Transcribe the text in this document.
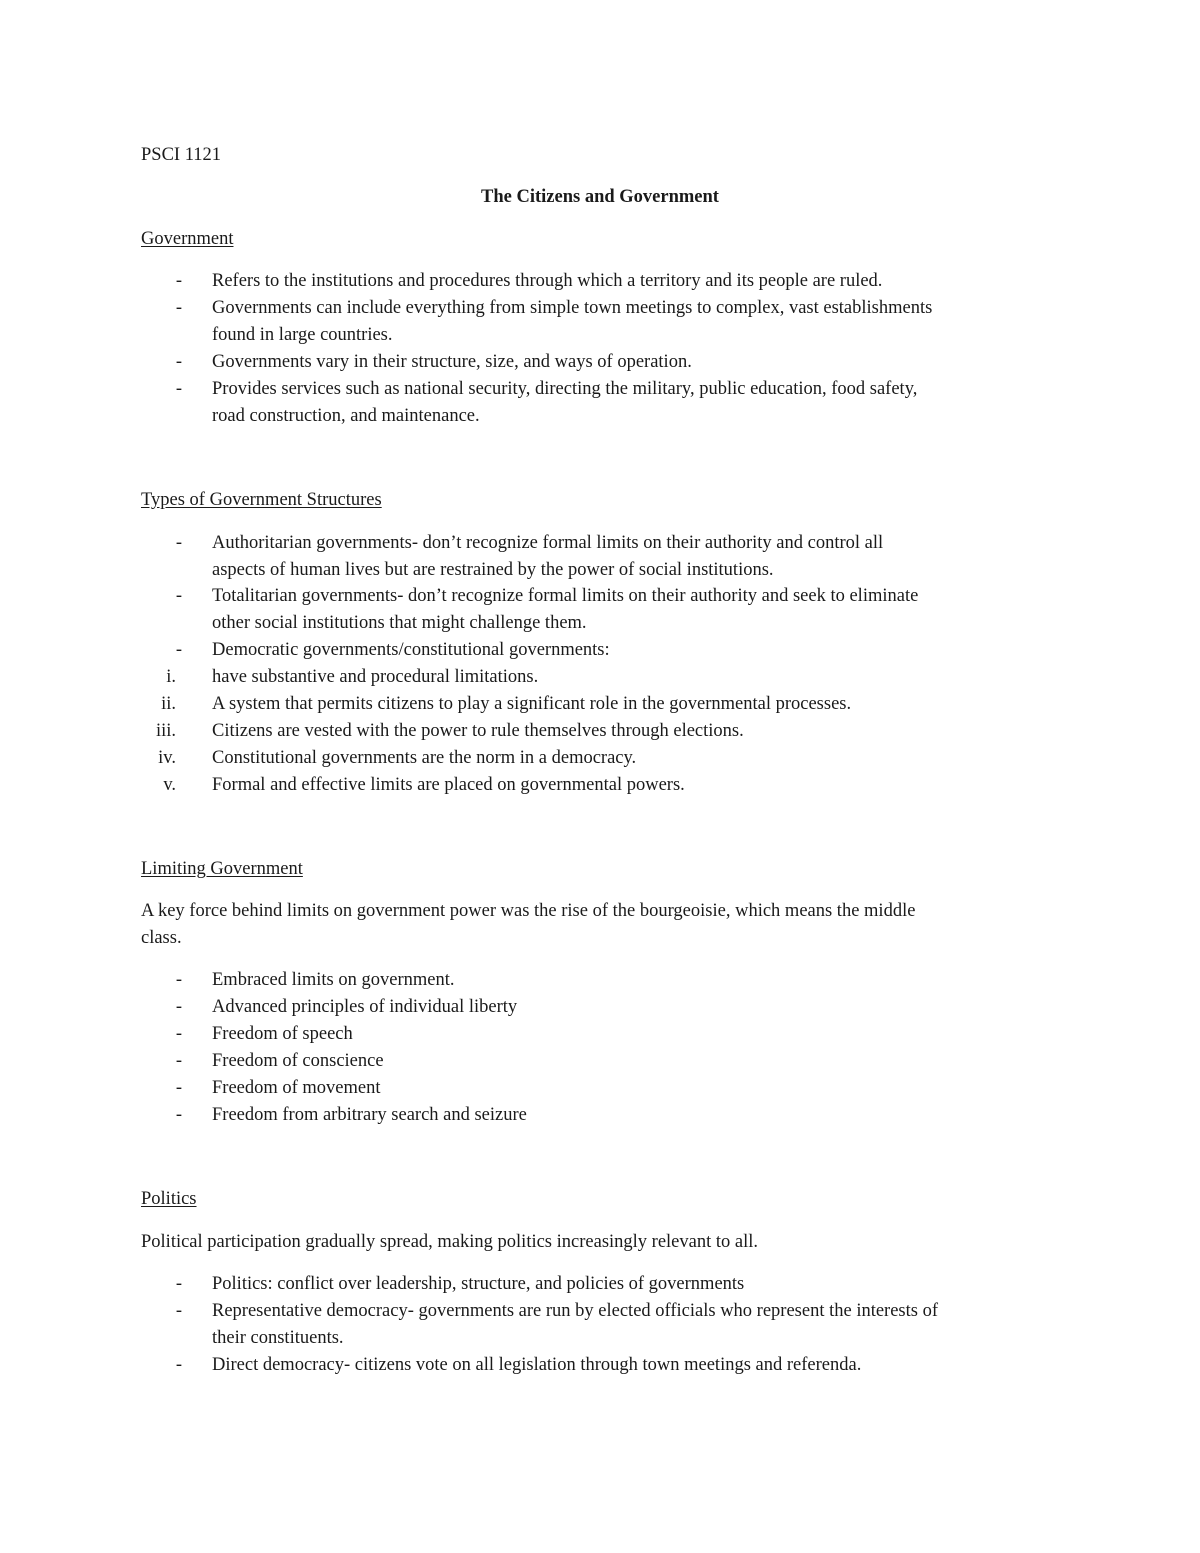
PSCI 1121
The Citizens and Government
Government
- Refers to the institutions and procedures through which a territory and its people are ruled.
- Governments can include everything from simple town meetings to complex, vast establishments
found in large countries.
- Governments vary in their structure, size, and ways of operation.
- Provides services such as national security, directing the military, public education, food safety,
road construction, and maintenance.
Types of Government Structures
- Authoritarian governments- don’t recognize formal limits on their authority and control all
aspects of human lives but are restrained by the power of social institutions.
- Totalitarian governments- don’t recognize formal limits on their authority and seek to eliminate
other social institutions that might challenge them.
- Democratic governments/constitutional governments:
i. have substantive and procedural limitations.
ii. A system that permits citizens to play a significant role in the governmental processes.
iii. Citizens are vested with the power to rule themselves through elections.
iv. Constitutional governments are the norm in a democracy.
v. Formal and effective limits are placed on governmental powers.
Limiting Government
A key force behind limits on government power was the rise of the bourgeoisie, which means the middle
class.
- Embraced limits on government.
- Advanced principles of individual liberty
- Freedom of speech
- Freedom of conscience
- Freedom of movement
- Freedom from arbitrary search and seizure
Politics
Political participation gradually spread, making politics increasingly relevant to all.
- Politics: conflict over leadership, structure, and policies of governments
- Representative democracy- governments are run by elected officials who represent the interests of
their constituents.
- Direct democracy- citizens vote on all legislation through town meetings and referenda.
